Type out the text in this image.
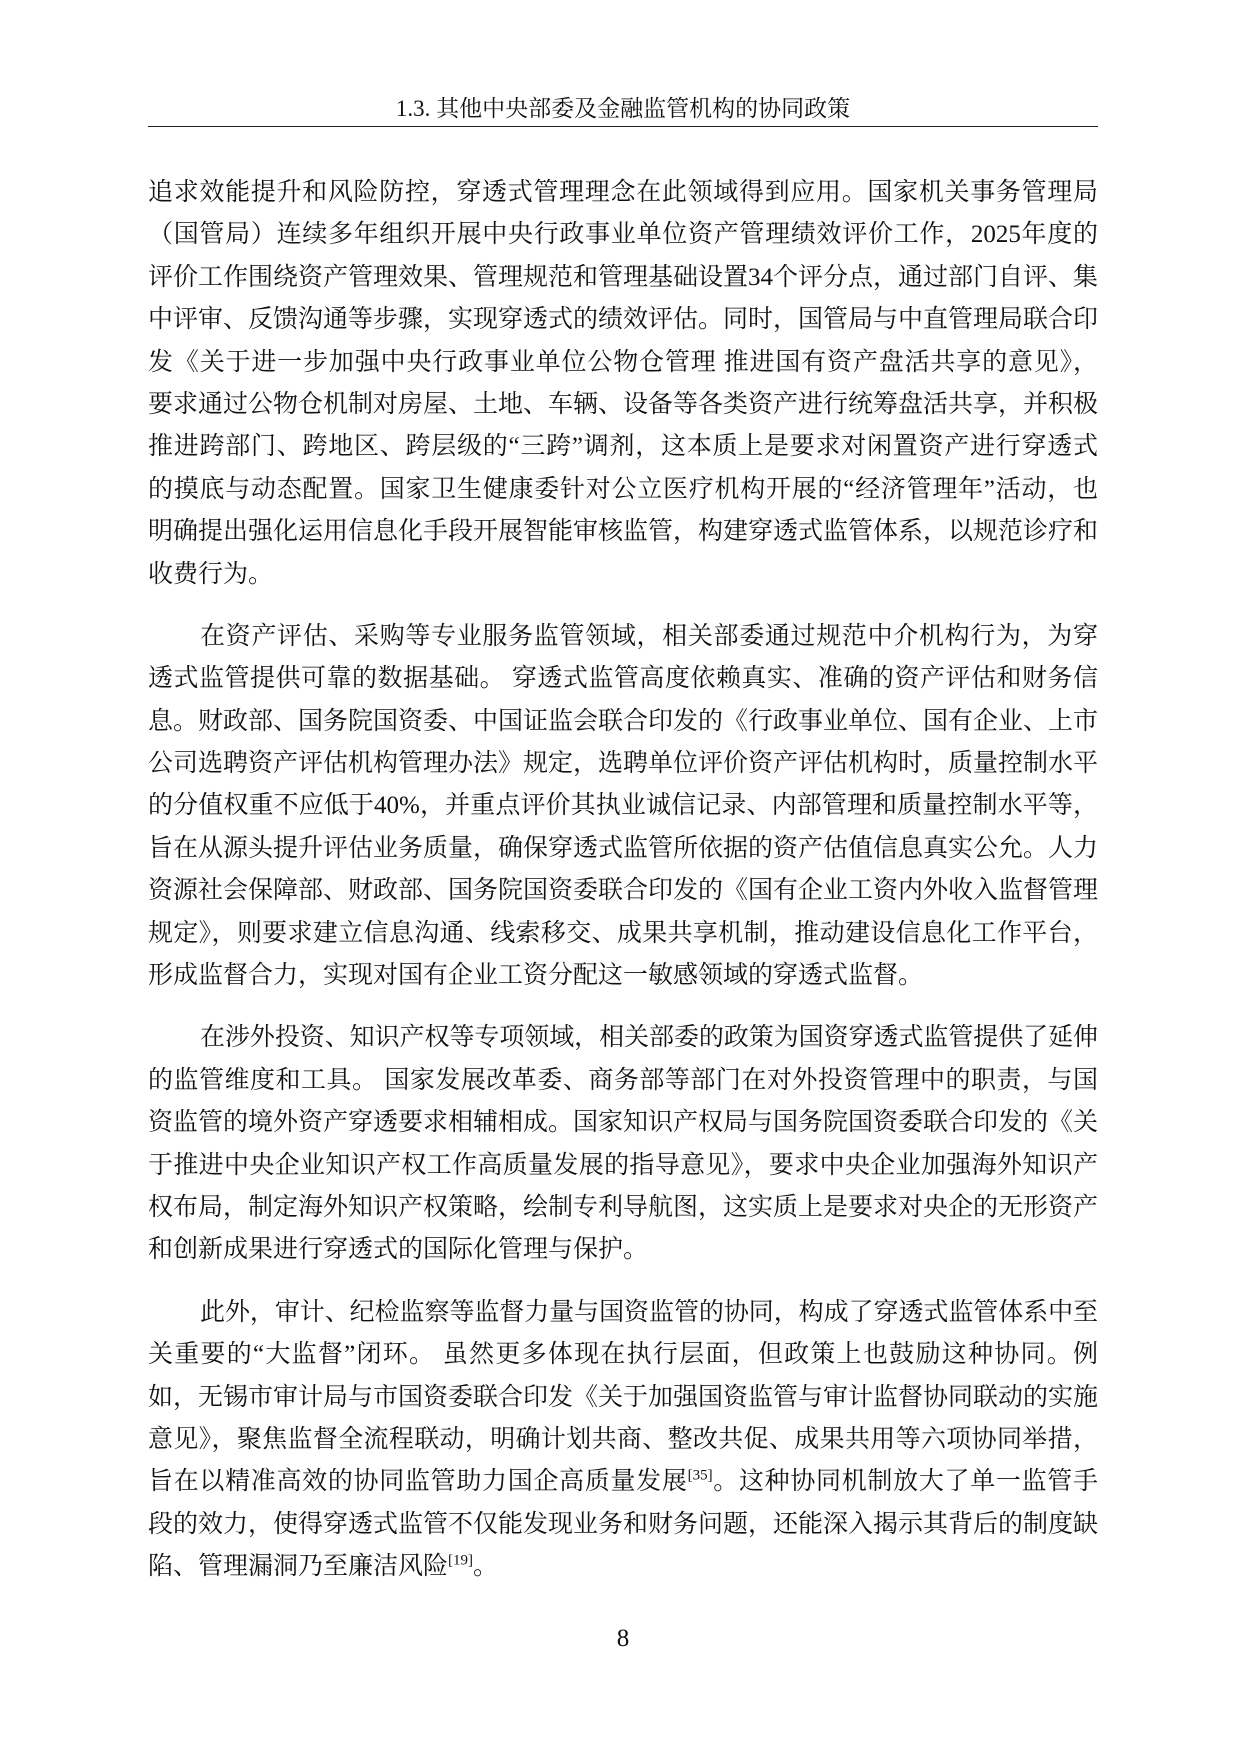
1.3. 其他中央部委及金融监管机构的协同政策
追求效能提升和风险防控，穿透式管理理念在此领域得到应用。国家机关事务管理局
（国管局）连续多年组织开展中央行政事业单位资产管理绩效评价工作，2025年度的
评价工作围绕资产管理效果、管理规范和管理基础设置34个评分点，通过部门自评、集
中评审、反馈沟通等步骤，实现穿透式的绩效评估。同时，国管局与中直管理局联合印
发《关于进一步加强中央行政事业单位公物仓管理 推进国有资产盘活共享的意见》，
要求通过公物仓机制对房屋、土地、车辆、设备等各类资产进行统筹盘活共享，并积极
推进跨部门、跨地区、跨层级的“三跨”调剂，这本质上是要求对闲置资产进行穿透式
的摸底与动态配置。国家卫生健康委针对公立医疗机构开展的“经济管理年”活动，也
明确提出强化运用信息化手段开展智能审核监管，构建穿透式监管体系，以规范诊疗和
收费行为。
在资产评估、采购等专业服务监管领域，相关部委通过规范中介机构行为，为穿
透式监管提供可靠的数据基础。 穿透式监管高度依赖真实、准确的资产评估和财务信
息。财政部、国务院国资委、中国证监会联合印发的《行政事业单位、国有企业、上市
公司选聘资产评估机构管理办法》规定，选聘单位评价资产评估机构时，质量控制水平
的分值权重不应低于40%，并重点评价其执业诚信记录、内部管理和质量控制水平等，
旨在从源头提升评估业务质量，确保穿透式监管所依据的资产估值信息真实公允。人力
资源社会保障部、财政部、国务院国资委联合印发的《国有企业工资内外收入监督管理
规定》，则要求建立信息沟通、线索移交、成果共享机制，推动建设信息化工作平台，
形成监督合力，实现对国有企业工资分配这一敏感领域的穿透式监督。
在涉外投资、知识产权等专项领域，相关部委的政策为国资穿透式监管提供了延伸
的监管维度和工具。 国家发展改革委、商务部等部门在对外投资管理中的职责，与国
资监管的境外资产穿透要求相辅相成。国家知识产权局与国务院国资委联合印发的《关
于推进中央企业知识产权工作高质量发展的指导意见》，要求中央企业加强海外知识产
权布局，制定海外知识产权策略，绘制专利导航图，这实质上是要求对央企的无形资产
和创新成果进行穿透式的国际化管理与保护。
此外，审计、纪检监察等监督力量与国资监管的协同，构成了穿透式监管体系中至
关重要的“大监督”闭环。 虽然更多体现在执行层面，但政策上也鼓励这种协同。例
如，无锡市审计局与市国资委联合印发《关于加强国资监管与审计监督协同联动的实施
意见》，聚焦监督全流程联动，明确计划共商、整改共促、成果共用等六项协同举措，
旨在以精准高效的协同监管助力国企高质量发展[35]。这种协同机制放大了单一监管手
段的效力，使得穿透式监管不仅能发现业务和财务问题，还能深入揭示其背后的制度缺
陷、管理漏洞乃至廉洁风险[19]。
8
